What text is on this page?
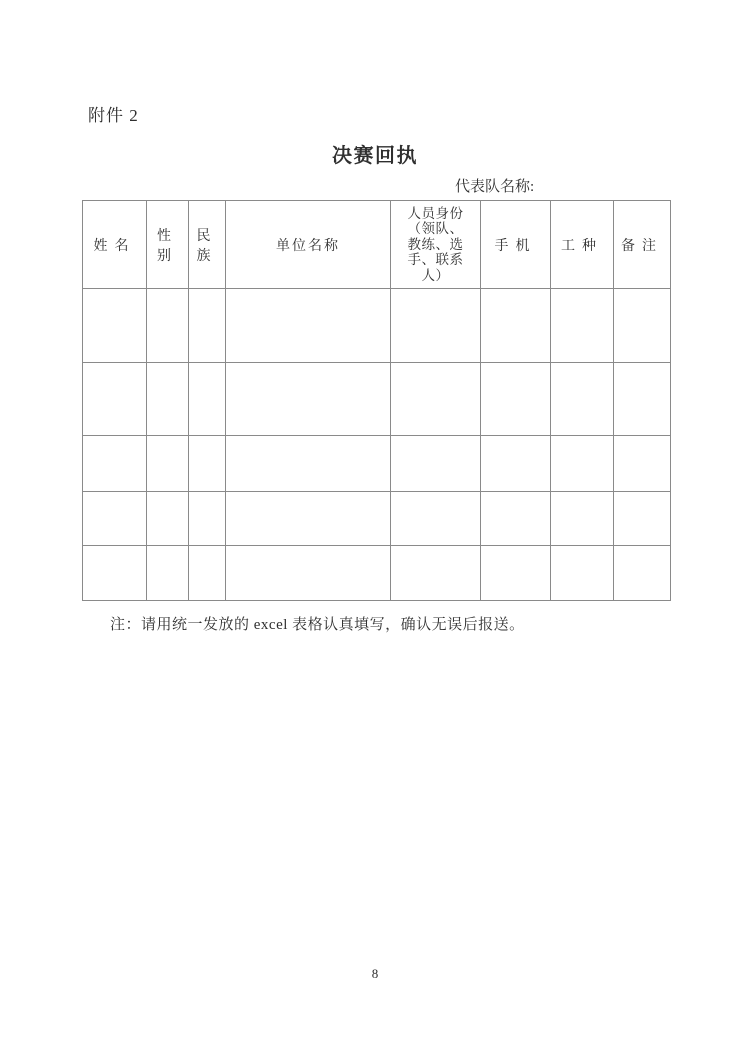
附件 2
决赛回执
代表队名称:
姓名	性别	民族	单位名称	人员身份（领队、教练、选手、联系人）	手机	工种	备注

注：请用统一发放的 excel 表格认真填写，确认无误后报送。
8
